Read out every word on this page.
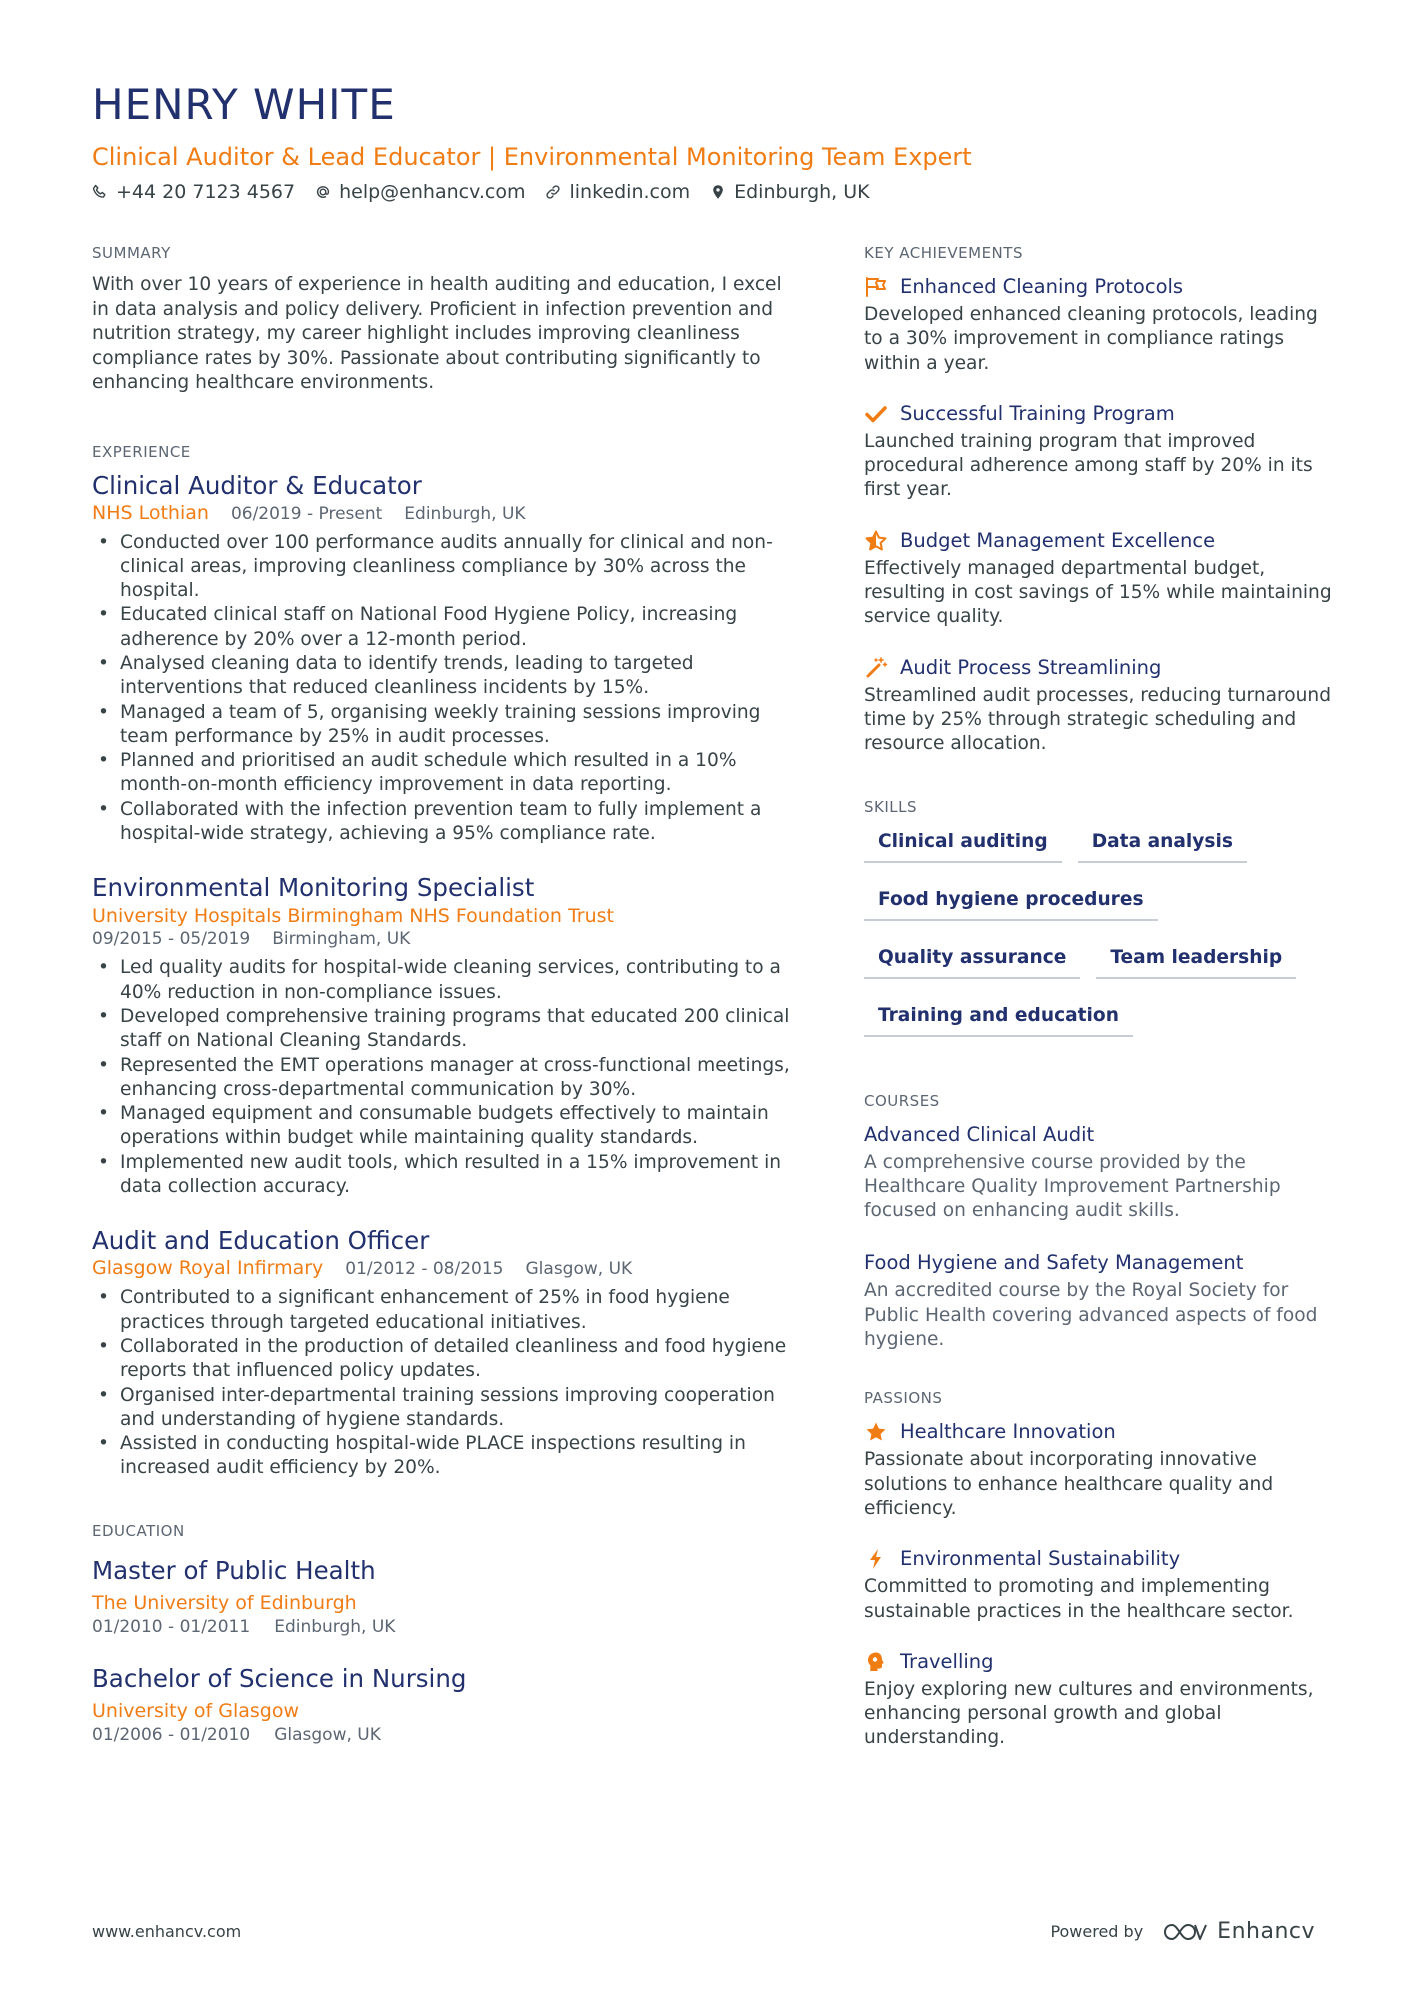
HENRY WHITE
Clinical Auditor & Lead Educator | Environmental Monitoring Team Expert
+44 20 7123 4567 help@enhancv.com linkedin.com Edinburgh, UK
SUMMARY

With over 10 years of experience in health auditing and education, I excel in data analysis and policy delivery. Proficient in infection prevention and nutrition strategy, my career highlight includes improving cleanliness compliance rates by 30%. Passionate about contributing significantly to enhancing healthcare environments.

EXPERIENCE
Clinical Auditor & Educator
NHS Lothian 06/2019 - Present Edinburgh, UK
• Conducted over 100 performance audits annually for clinical and non-clinical areas, improving cleanliness compliance by 30% across the hospital.
• Educated clinical staff on National Food Hygiene Policy, increasing adherence by 20% over a 12-month period.
• Analysed cleaning data to identify trends, leading to targeted interventions that reduced cleanliness incidents by 15%.
• Managed a team of 5, organising weekly training sessions improving team performance by 25% in audit processes.
• Planned and prioritised an audit schedule which resulted in a 10% month-on-month efficiency improvement in data reporting.
• Collaborated with the infection prevention team to fully implement a hospital-wide strategy, achieving a 95% compliance rate.
Environmental Monitoring Specialist
University Hospitals Birmingham NHS Foundation Trust
09/2015 - 05/2019 Birmingham, UK
• Led quality audits for hospital-wide cleaning services, contributing to a 40% reduction in non-compliance issues.
• Developed comprehensive training programs that educated 200 clinical staff on National Cleaning Standards.
• Represented the EMT operations manager at cross-functional meetings, enhancing cross-departmental communication by 30%.
• Managed equipment and consumable budgets effectively to maintain operations within budget while maintaining quality standards.
• Implemented new audit tools, which resulted in a 15% improvement in data collection accuracy.
Audit and Education Officer
Glasgow Royal Infirmary 01/2012 - 08/2015 Glasgow, UK
• Contributed to a significant enhancement of 25% in food hygiene practices through targeted educational initiatives.
• Collaborated in the production of detailed cleanliness and food hygiene reports that influenced policy updates.
• Organised inter-departmental training sessions improving cooperation and understanding of hygiene standards.
• Assisted in conducting hospital-wide PLACE inspections resulting in increased audit efficiency by 20%.
EDUCATION
Master of Public Health
The University of Edinburgh
01/2010 - 01/2011 Edinburgh, UK
Bachelor of Science in Nursing
University of Glasgow
01/2006 - 01/2010 Glasgow, UK
KEY ACHIEVEMENTS
Enhanced Cleaning Protocols
Developed enhanced cleaning protocols, leading to a 30% improvement in compliance ratings within a year.
Successful Training Program
Launched training program that improved procedural adherence among staff by 20% in its first year.
Budget Management Excellence
Effectively managed departmental budget, resulting in cost savings of 15% while maintaining service quality.
Audit Process Streamlining
Streamlined audit processes, reducing turnaround time by 25% through strategic scheduling and resource allocation.
SKILLS
Clinical auditing	Data analysis
Food hygiene procedures
Quality assurance	Team leadership
Training and education
COURSES
Advanced Clinical Audit
A comprehensive course provided by the Healthcare Quality Improvement Partnership focused on enhancing audit skills.
Food Hygiene and Safety Management
An accredited course by the Royal Society for Public Health covering advanced aspects of food hygiene.
PASSIONS
Healthcare Innovation
Passionate about incorporating innovative solutions to enhance healthcare quality and efficiency.
Environmental Sustainability
Committed to promoting and implementing sustainable practices in the healthcare sector.
Travelling
Enjoy exploring new cultures and environments, enhancing personal growth and global understanding.
www.enhancv.com	Powered by	Enhancv
